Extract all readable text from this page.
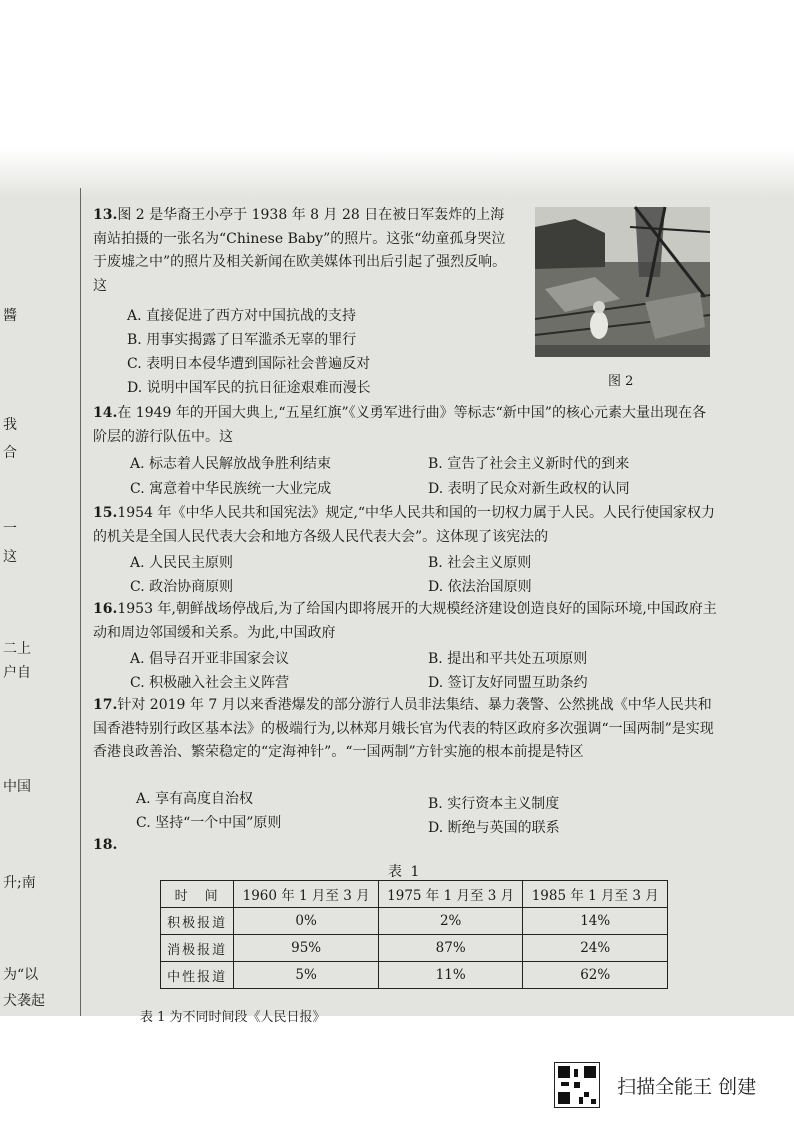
醬
我
合
一
这
二上
户自
中国
升;南
为“以
犬袭起

13.图 2 是华裔王小亭于 1938 年 8 月 28 日在被日军轰炸的上海南站拍摄的一张名为“Chinese Baby”的照片。这张“幼童孤身哭泣于废墟之中”的照片及相关新闻在欧美媒体刊出后引起了强烈反响。这

A. 直接促进了西方对中国抗战的支持
B. 用事实揭露了日军滥杀无辜的罪行
C. 表明日本侵华遭到国际社会普遍反对
D. 说明中国军民的抗日征途艰难而漫长	图 2

14.在 1949 年的开国大典上,“五星红旗”《义勇军进行曲》等标志“新中国”的核心元素大量出现在各阶层的游行队伍中。这

A. 标志着人民解放战争胜利结束	B. 宣告了社会主义新时代的到来
C. 寓意着中华民族统一大业完成	D. 表明了民众对新生政权的认同

15.1954 年《中华人民共和国宪法》规定,“中华人民共和国的一切权力属于人民。人民行使国家权力的机关是全国人民代表大会和地方各级人民代表大会”。这体现了该宪法的

A. 人民民主原则	B. 社会主义原则
C. 政治协商原则	D. 依法治国原则

16.1953 年,朝鲜战场停战后,为了给国内即将展开的大规模经济建设创造良好的国际环境,中国政府主动和周边邻国缓和关系。为此,中国政府

A. 倡导召开亚非国家会议	B. 提出和平共处五项原则
C. 积极融入社会主义阵营	D. 签订友好同盟互助条约

17.针对 2019 年 7 月以来香港爆发的部分游行人员非法集结、暴力袭警、公然挑战《中华人民共和国香港特别行政区基本法》的极端行为,以林郑月娥长官为代表的特区政府多次强调“一国两制”是实现香港良政善治、繁荣稳定的“定海神针”。“一国两制”方针实施的根本前提是特区

A. 享有高度自治权	B. 实行资本主义制度
C. 坚持“一个中国”原则	D. 断绝与英国的联系
18.
表 1
时　间	1960 年 1 月至 3 月	1975 年 1 月至 3 月	1985 年 1 月至 3 月
积极报道	0%	2%	14%
消极报道	95%	87%	24%
中性报道	5%	11%	62%
表 1 为不同时间段《人民日报》
扫描全能王 创建
